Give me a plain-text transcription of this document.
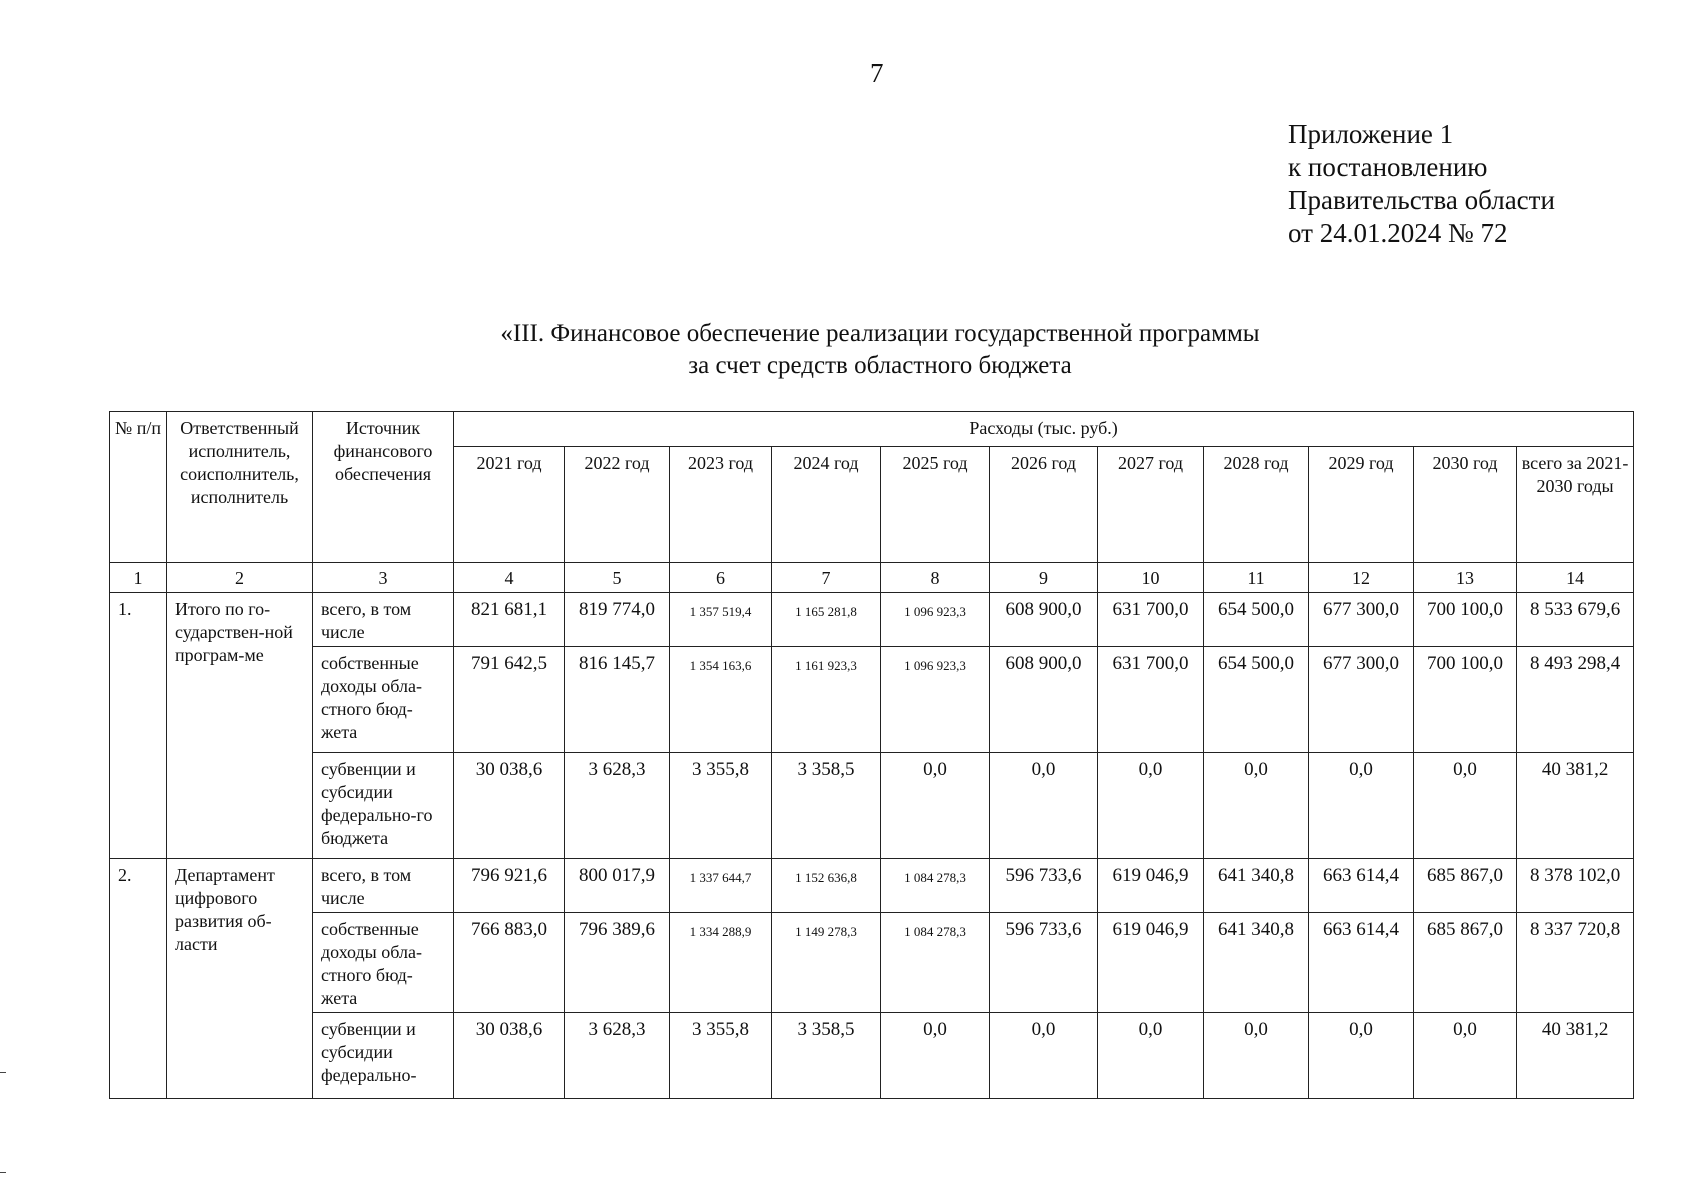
7
Приложение 1
к постановлению
Правительства области
от 24.01.2024 № 72
«III. Финансовое обеспечение реализации государственной программы
за счет средств областного бюджета
№ п/п	Ответственный исполнитель, соисполнитель, исполнитель	Источник финансового обеспечения	Расходы (тыс. руб.)										
			2021 год	2022 год	2023 год	2024 год	2025 год	2026 год	2027 год	2028 год	2029 год	2030 год	всего за 2021-2030 годы
1	2	3	4	5	6	7	8	9	10	11	12	13	14
1.	Итого по го-сударствен-ной програм-ме	всего, в том числе	821 681,1	819 774,0	1 357 519,4	1 165 281,8	1 096 923,3	608 900,0	631 700,0	654 500,0	677 300,0	700 100,0	8 533 679,6
		собственные доходы обла-стного бюд-жета	791 642,5	816 145,7	1 354 163,6	1 161 923,3	1 096 923,3	608 900,0	631 700,0	654 500,0	677 300,0	700 100,0	8 493 298,4
		субвенции и субсидии федерально-го бюджета	30 038,6	3 628,3	3 355,8	3 358,5	0,0	0,0	0,0	0,0	0,0	0,0	40 381,2
2.	Департамент цифрового развития об-ласти	всего, в том числе	796 921,6	800 017,9	1 337 644,7	1 152 636,8	1 084 278,3	596 733,6	619 046,9	641 340,8	663 614,4	685 867,0	8 378 102,0
		собственные доходы обла-стного бюд-жета	766 883,0	796 389,6	1 334 288,9	1 149 278,3	1 084 278,3	596 733,6	619 046,9	641 340,8	663 614,4	685 867,0	8 337 720,8
		субвенции и субсидии федерально-	30 038,6	3 628,3	3 355,8	3 358,5	0,0	0,0	0,0	0,0	0,0	0,0	40 381,2
